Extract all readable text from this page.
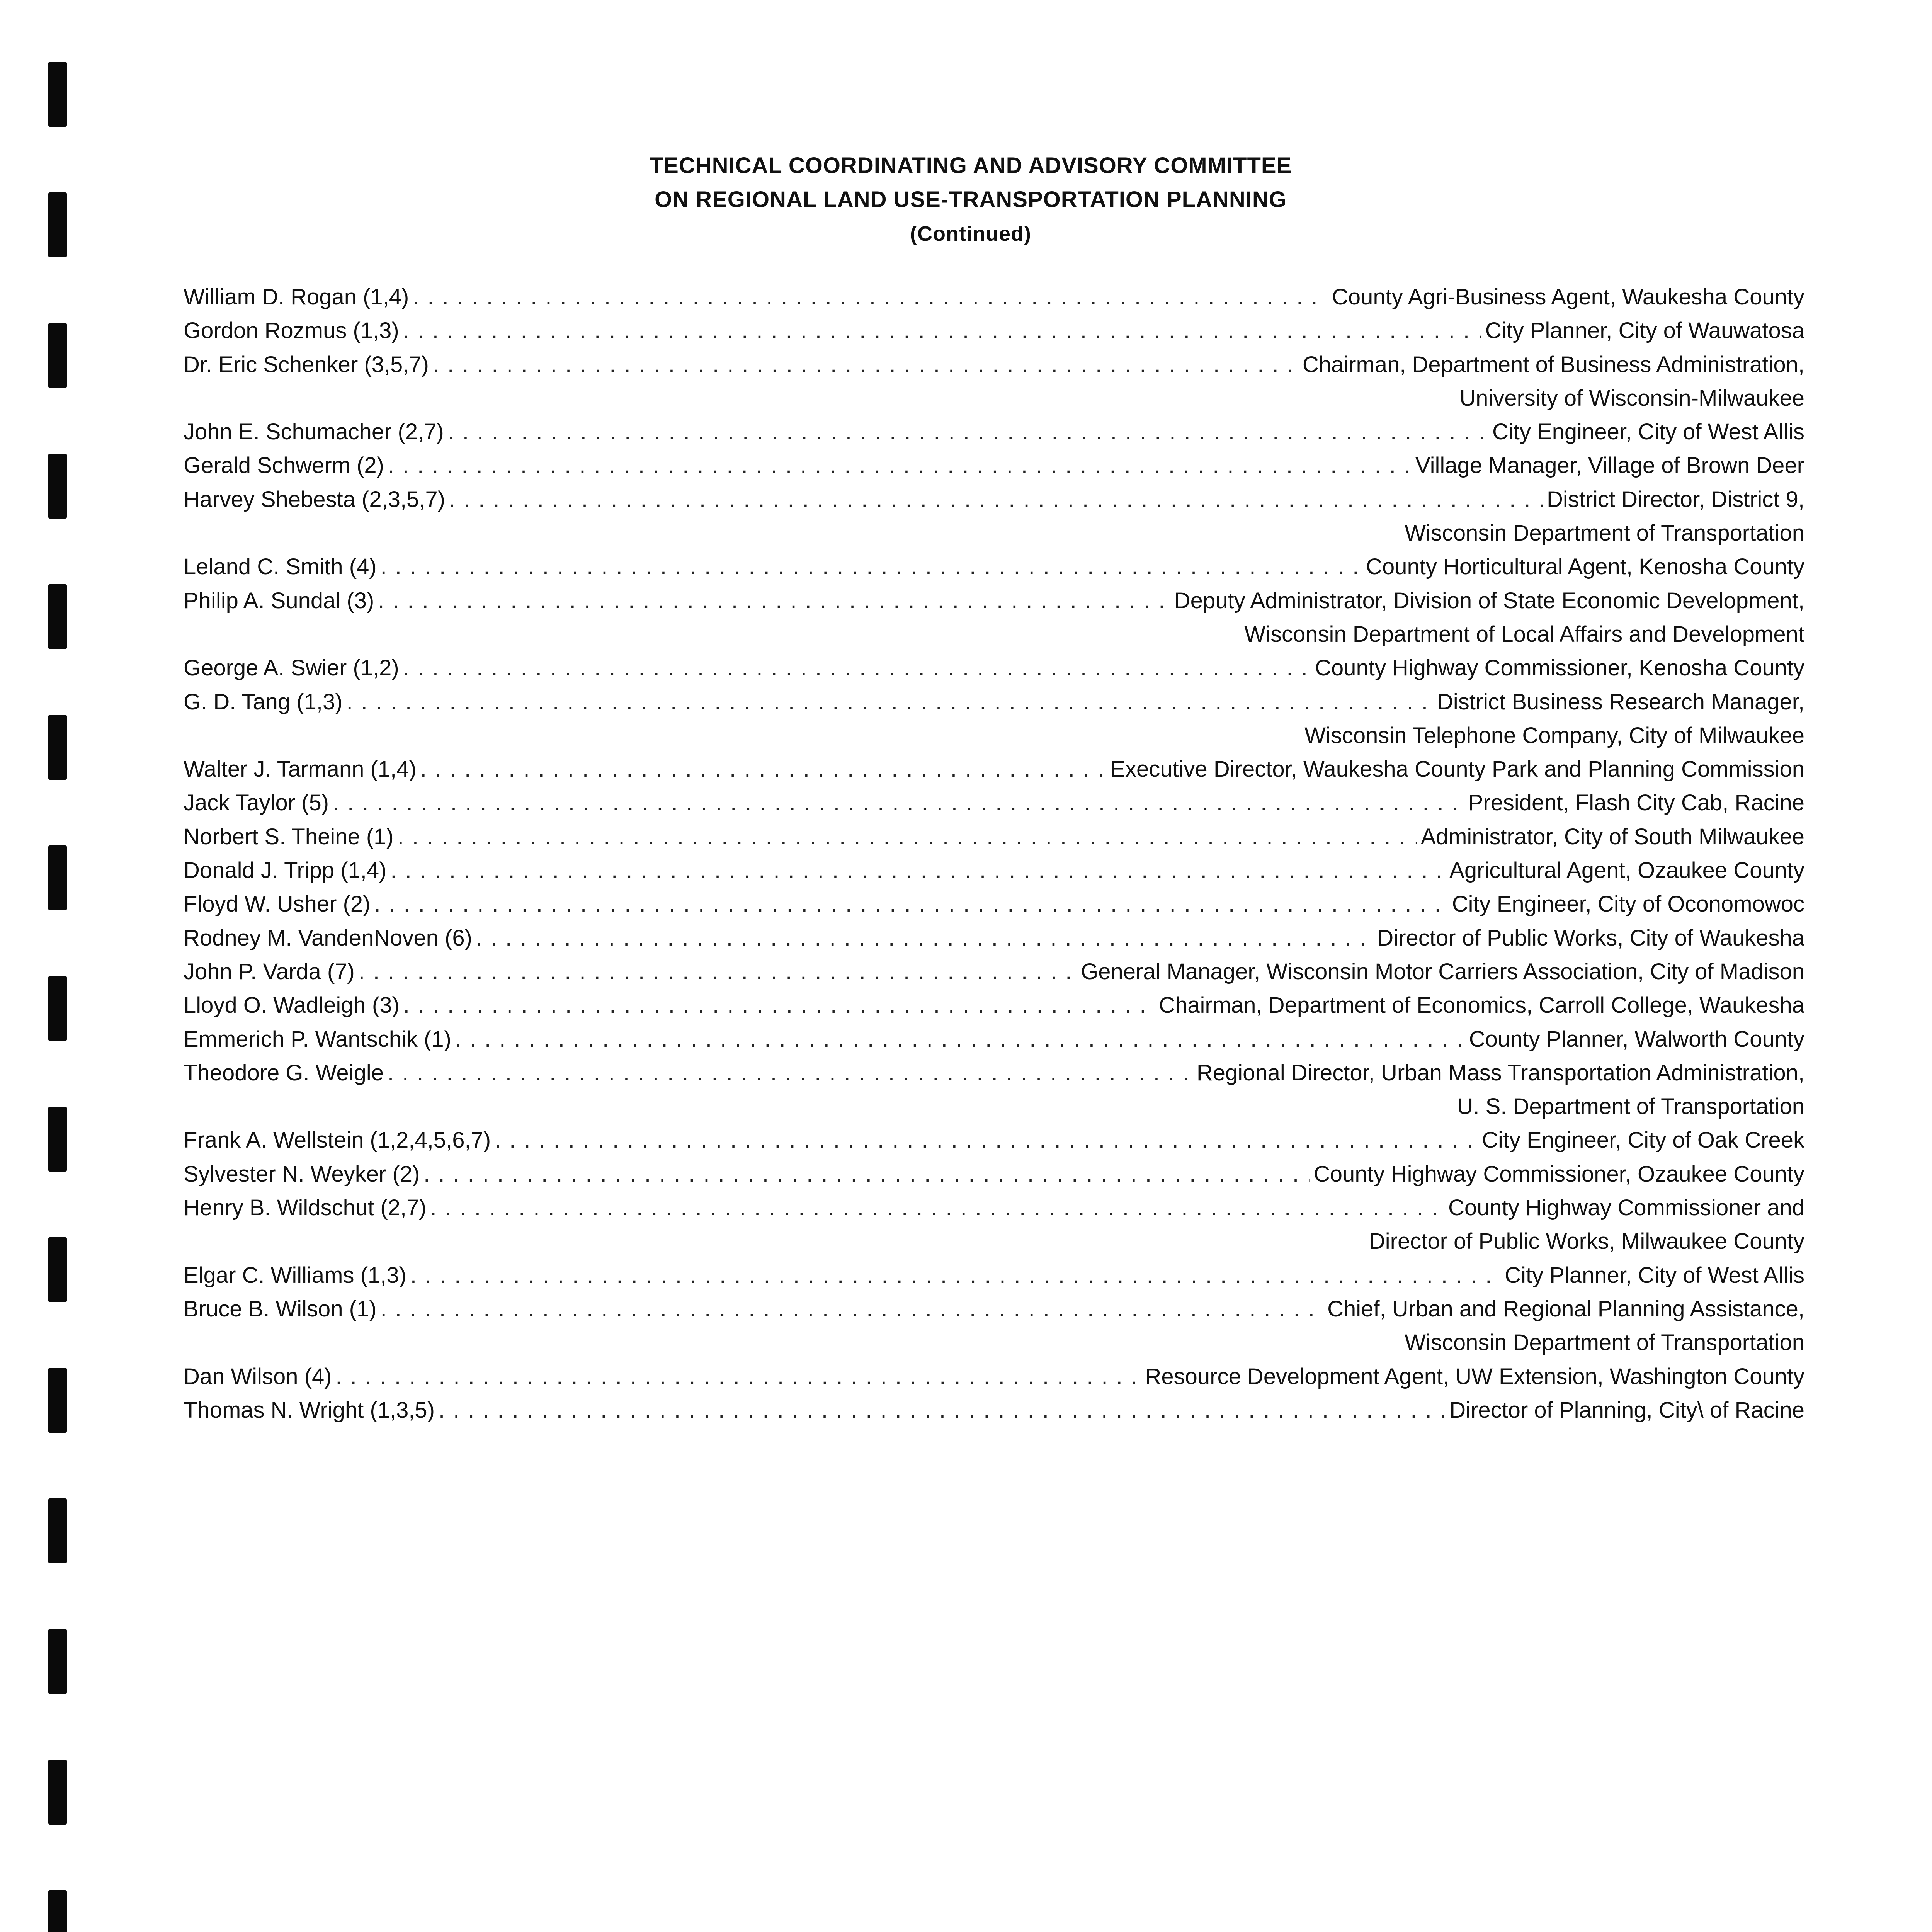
TECHNICAL COORDINATING AND ADVISORY COMMITTEE
ON REGIONAL LAND USE-TRANSPORTATION PLANNING
(Continued)
William D. Rogan (1,4) .....	County Agri-Business Agent, Waukesha County
Gordon Rozmus (1,3) .....	City Planner, City of Wauwatosa
Dr. Eric Schenker (3,5,7) .....	Chairman, Department of Business Administration,
University of Wisconsin-Milwaukee
John E. Schumacher (2,7) .....	City Engineer, City of West Allis
Gerald Schwerm (2) .....	Village Manager, Village of Brown Deer
Harvey Shebesta (2,3,5,7) .....	District Director, District 9,
Wisconsin Department of Transportation
Leland C. Smith (4) .....	County Horticultural Agent, Kenosha County
Philip A. Sundal (3) .....	Deputy Administrator, Division of State Economic Development,
Wisconsin Department of Local Affairs and Development
George A. Swier (1,2) .....	County Highway Commissioner, Kenosha County
G. D. Tang (1,3) .....	District Business Research Manager,
Wisconsin Telephone Company, City of Milwaukee
Walter J. Tarmann (1,4) .....	Executive Director, Waukesha County Park and Planning Commission
Jack Taylor (5) .....	President, Flash City Cab, Racine
Norbert S. Theine (1) .....	Administrator, City of South Milwaukee
Donald J. Tripp (1,4) .....	Agricultural Agent, Ozaukee County
Floyd W. Usher (2) .....	City Engineer, City of Oconomowoc
Rodney M. VandenNoven (6) .....	Director of Public Works, City of Waukesha
John P. Varda (7) .....	General Manager, Wisconsin Motor Carriers Association, City of Madison
Lloyd O. Wadleigh (3) .....	Chairman, Department of Economics, Carroll College, Waukesha
Emmerich P. Wantschik (1) .....	County Planner, Walworth County
Theodore G. Weigle .....	Regional Director, Urban Mass Transportation Administration,
U. S. Department of Transportation
Frank A. Wellstein (1,2,4,5,6,7) .....	City Engineer, City of Oak Creek
Sylvester N. Weyker (2) .....	County Highway Commissioner, Ozaukee County
Henry B. Wildschut (2,7) .....	County Highway Commissioner and
Director of Public Works, Milwaukee County
Elgar C. Williams (1,3) .....	City Planner, City of West Allis
Bruce B. Wilson (1) .....	Chief, Urban and Regional Planning Assistance,
Wisconsin Department of Transportation
Dan Wilson (4) .....	Resource Development Agent, UW Extension, Washington County
Thomas N. Wright (1,3,5) .....	Director of Planning, City\ of Racine
